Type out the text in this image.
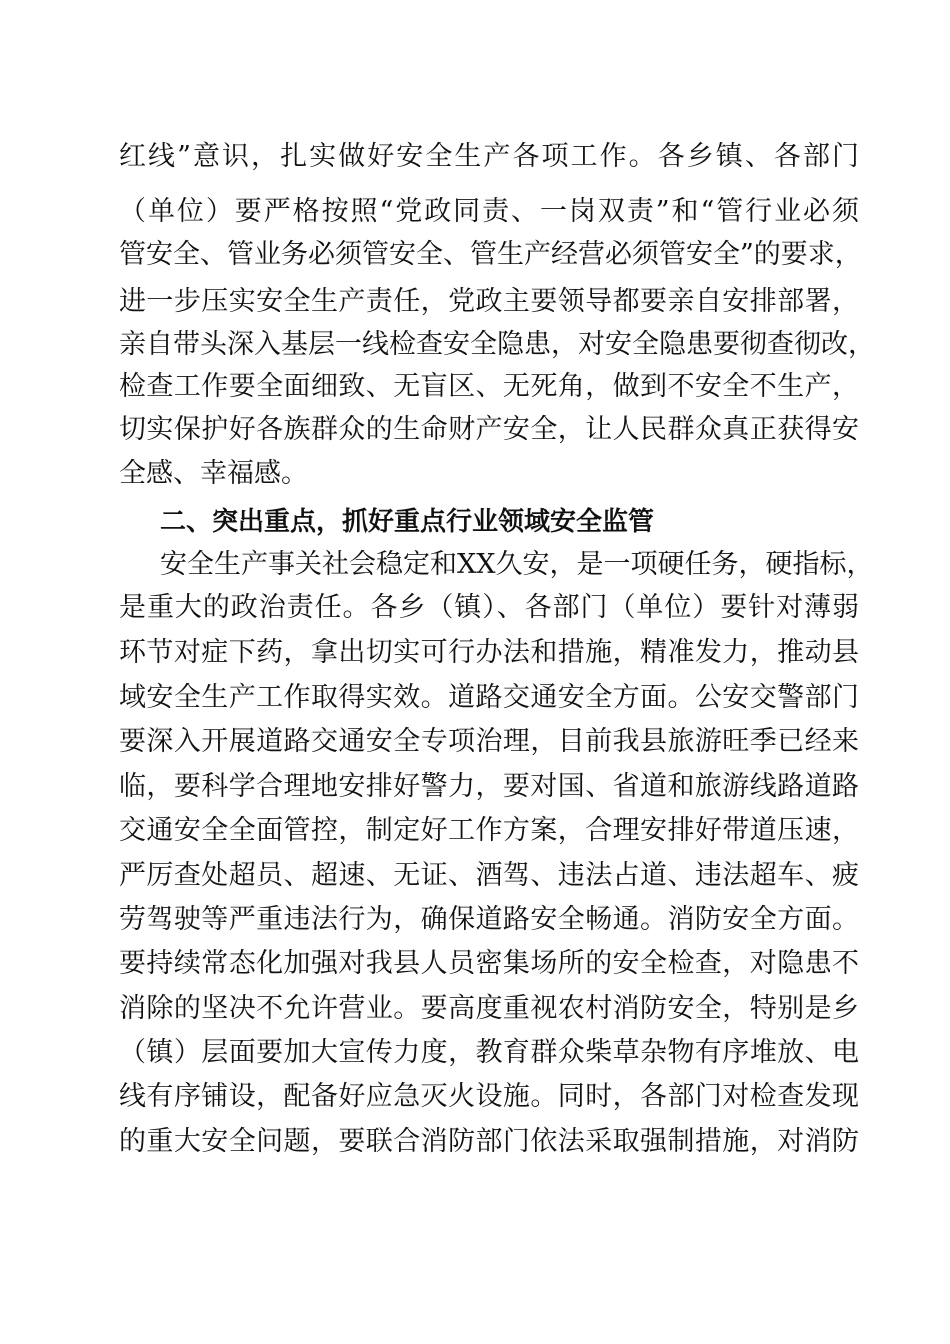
红线”意识，扎实做好安全生产各项工作。各乡镇、各部门
（单位）要严格按照“党政同责、一岗双责”和“管行业必须
管安全、管业务必须管安全、管生产经营必须管安全”的要求，
进一步压实安全生产责任，党政主要领导都要亲自安排部署，
亲自带头深入基层一线检查安全隐患，对安全隐患要彻查彻改，
检查工作要全面细致、无盲区、无死角，做到不安全不生产，
切实保护好各族群众的生命财产安全，让人民群众真正获得安
全感、幸福感。
二、突出重点，抓好重点行业领域安全监管
安全生产事关社会稳定和XX久安，是一项硬任务，硬指标，
是重大的政治责任。各乡（镇）、各部门（单位）要针对薄弱
环节对症下药，拿出切实可行办法和措施，精准发力，推动县
域安全生产工作取得实效。道路交通安全方面。公安交警部门
要深入开展道路交通安全专项治理，目前我县旅游旺季已经来
临，要科学合理地安排好警力，要对国、省道和旅游线路道路
交通安全全面管控，制定好工作方案，合理安排好带道压速，
严厉查处超员、超速、无证、酒驾、违法占道、违法超车、疲
劳驾驶等严重违法行为，确保道路安全畅通。消防安全方面。
要持续常态化加强对我县人员密集场所的安全检查，对隐患不
消除的坚决不允许营业。要高度重视农村消防安全，特别是乡
（镇）层面要加大宣传力度，教育群众柴草杂物有序堆放、电
线有序铺设，配备好应急灭火设施。同时，各部门对检查发现
的重大安全问题，要联合消防部门依法采取强制措施，对消防
